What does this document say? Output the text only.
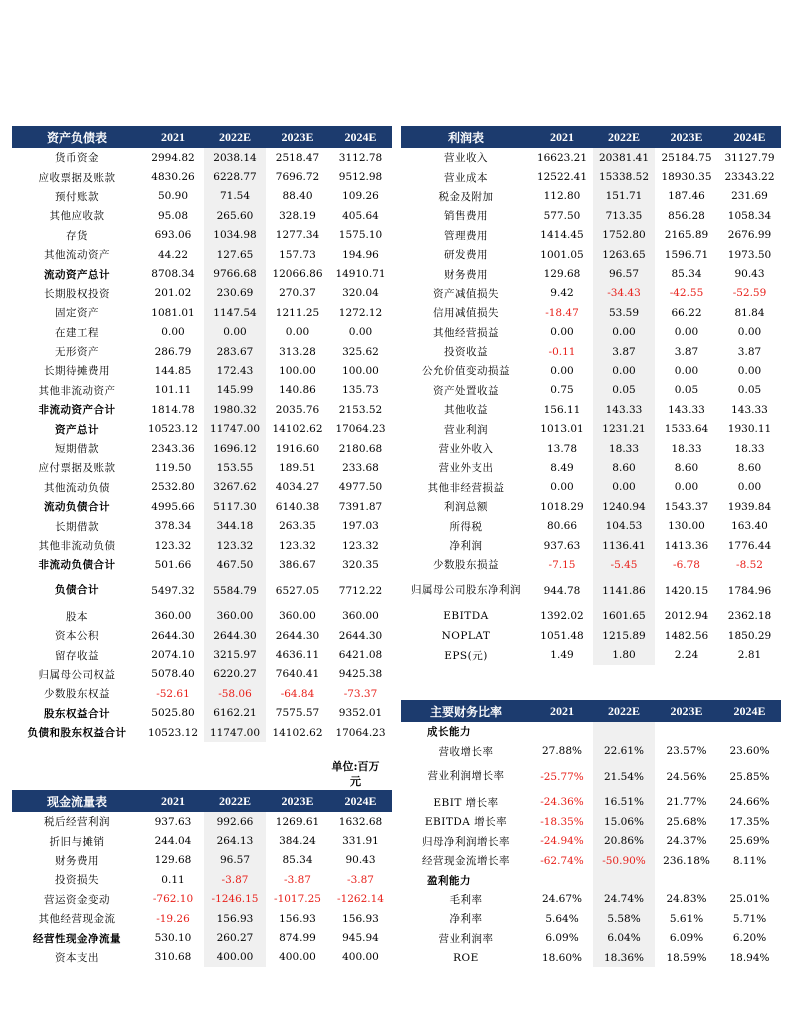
资产负债表	2021	2022E	2023E	2024E
货币资金	2994.82	2038.14	2518.47	3112.78
应收票据及账款	4830.26	6228.77	7696.72	9512.98
预付账款	50.90	71.54	88.40	109.26
其他应收款	95.08	265.60	328.19	405.64
存货	693.06	1034.98	1277.34	1575.10
其他流动资产	44.22	127.65	157.73	194.96
流动资产总计	8708.34	9766.68	12066.86	14910.71
长期股权投资	201.02	230.69	270.37	320.04
固定资产	1081.01	1147.54	1211.25	1272.12
在建工程	0.00	0.00	0.00	0.00
无形资产	286.79	283.67	313.28	325.62
长期待摊费用	144.85	172.43	100.00	100.00
其他非流动资产	101.11	145.99	140.86	135.73
非流动资产合计	1814.78	1980.32	2035.76	2153.52
资产总计	10523.12	11747.00	14102.62	17064.23
短期借款	2343.36	1696.12	1916.60	2180.68
应付票据及账款	119.50	153.55	189.51	233.68
其他流动负债	2532.80	3267.62	4034.27	4977.50
流动负债合计	4995.66	5117.30	6140.38	7391.87
长期借款	378.34	344.18	263.35	197.03
其他非流动负债	123.32	123.32	123.32	123.32
非流动负债合计	501.66	467.50	386.67	320.35
负债合计	5497.32	5584.79	6527.05	7712.22
股本	360.00	360.00	360.00	360.00
资本公积	2644.30	2644.30	2644.30	2644.30
留存收益	2074.10	3215.97	4636.11	6421.08
归属母公司权益	5078.40	6220.27	7640.41	9425.38
少数股东权益	-52.61	-58.06	-64.84	-73.37
股东权益合计	5025.80	6162.21	7575.57	9352.01
负债和股东权益合计	10523.12	11747.00	14102.62	17064.23
利润表	2021	2022E	2023E	2024E
营业收入	16623.21	20381.41	25184.75	31127.79
营业成本	12522.41	15338.52	18930.35	23343.22
税金及附加	112.80	151.71	187.46	231.69
销售费用	577.50	713.35	856.28	1058.34
管理费用	1414.45	1752.80	2165.89	2676.99
研发费用	1001.05	1263.65	1596.71	1973.50
财务费用	129.68	96.57	85.34	90.43
资产减值损失	9.42	-34.43	-42.55	-52.59
信用减值损失	-18.47	53.59	66.22	81.84
其他经营损益	0.00	0.00	0.00	0.00
投资收益	-0.11	3.87	3.87	3.87
公允价值变动损益	0.00	0.00	0.00	0.00
资产处置收益	0.75	0.05	0.05	0.05
其他收益	156.11	143.33	143.33	143.33
营业利润	1013.01	1231.21	1533.64	1930.11
营业外收入	13.78	18.33	18.33	18.33
营业外支出	8.49	8.60	8.60	8.60
其他非经营损益	0.00	0.00	0.00	0.00
利润总额	1018.29	1240.94	1543.37	1939.84
所得税	80.66	104.53	130.00	163.40
净利润	937.63	1136.41	1413.36	1776.44
少数股东损益	-7.15	-5.45	-6.78	-8.52
归属母公司股东净利润	944.78	1141.86	1420.15	1784.96
EBITDA	1392.02	1601.65	2012.94	2362.18
NOPLAT	1051.48	1215.89	1482.56	1850.29
EPS(元)	1.49	1.80	2.24	2.81
主要财务比率	2021	2022E	2023E	2024E
成长能力				
营收增长率	27.88%	22.61%	23.57%	23.60%
营业利润增长率	-25.77%	21.54%	24.56%	25.85%
EBIT 增长率	-24.36%	16.51%	21.77%	24.66%
EBITDA 增长率	-18.35%	15.06%	25.68%	17.35%
归母净利润增长率	-24.94%	20.86%	24.37%	25.69%
经营现金流增长率	-62.74%	-50.90%	236.18%	8.11%
盈利能力				
毛利率	24.67%	24.74%	24.83%	25.01%
净利率	5.64%	5.58%	5.61%	5.71%
营业利润率	6.09%	6.04%	6.09%	6.20%
ROE	18.60%	18.36%	18.59%	18.94%
单位:百万元
现金流量表	2021	2022E	2023E	2024E
税后经营利润	937.63	992.66	1269.61	1632.68
折旧与摊销	244.04	264.13	384.24	331.91
财务费用	129.68	96.57	85.34	90.43
投资损失	0.11	-3.87	-3.87	-3.87
营运资金变动	-762.10	-1246.15	-1017.25	-1262.14
其他经营现金流	-19.26	156.93	156.93	156.93
经营性现金净流量	530.10	260.27	874.99	945.94
资本支出	310.68	400.00	400.00	400.00
